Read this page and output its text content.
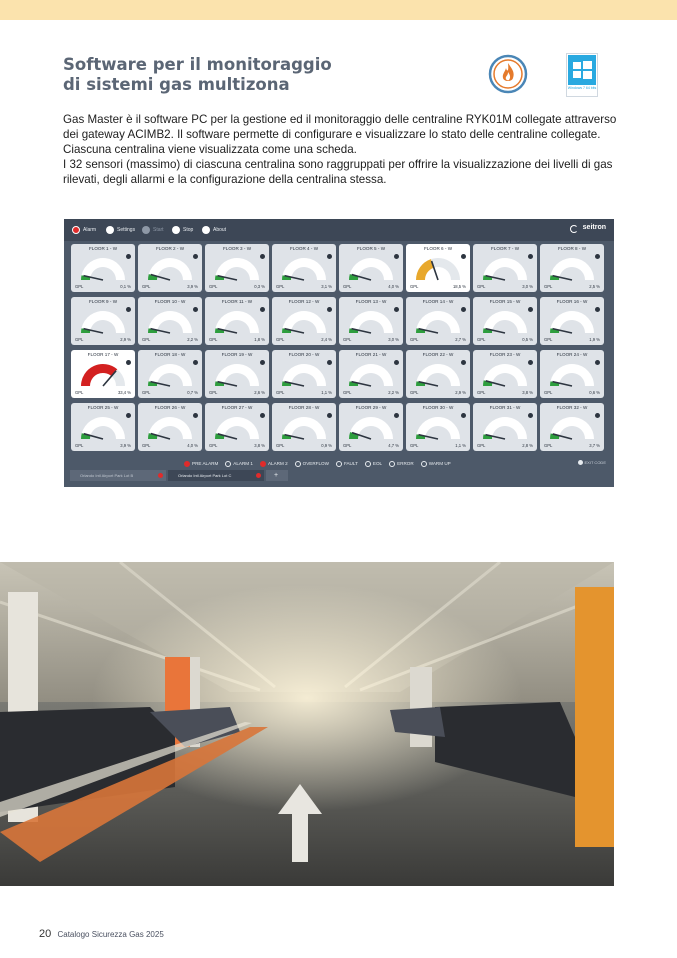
Software per il monitoraggio
di sistemi gas multizona	Windows 7 64 bits

Gas Master è il software PC per la gestione ed il monitoraggio delle centraline RYK01M collegate attraverso dei gateway ACIMB2. Il software permette di configurare e visualizzare lo stato delle centraline collegate.

Ciascuna centralina viene visualizzata come una scheda.

I 32 sensori (massimo) di ciascuna centralina sono raggruppati per offrire la visualizzazione dei livelli di gas rilevati, degli allarmi e la configurazione della centralina stessa.

Alarm	Settings	Start	Stop	About	seitron
FLOOR 1 - W
GPL	0,1 %
FLOOR 2 - W
GPL	3,9 %
FLOOR 3 - W
GPL	0,3 %
FLOOR 4 - W
GPL	3,1 %
FLOOR 5 - W
GPL	4,0 %
FLOOR 6 - W
GPL	18,5 %
FLOOR 7 - W
GPL	3,0 %
FLOOR 8 - W
GPL	2,5 %
FLOOR 9 - W
GPL	2,9 %
FLOOR 10 - W
GPL	2,2 %
FLOOR 11 - W
GPL	1,8 %
FLOOR 12 - W
GPL	2,4 %
FLOOR 13 - W
GPL	3,0 %
FLOOR 14 - W
GPL	2,7 %
FLOOR 15 - W
GPL	0,5 %
FLOOR 16 - W
GPL	1,9 %
FLOOR 17 - W
GPL	33,4 %
FLOOR 18 - W
GPL	0,7 %
FLOOR 19 - W
GPL	2,6 %
FLOOR 20 - W
GPL	1,1 %
FLOOR 21 - W
GPL	2,2 %
FLOOR 22 - W
GPL	2,9 %
FLOOR 23 - W
GPL	3,8 %
FLOOR 24 - W
GPL	0,6 %
FLOOR 25 - W
GPL	3,9 %
FLOOR 26 - W
GPL	4,0 %
FLOOR 27 - W
GPL	3,8 %
FLOOR 28 - W
GPL	0,9 %
FLOOR 29 - W
GPL	4,7 %
FLOOR 30 - W
GPL	1,1 %
FLOOR 31 - W
GPL	2,8 %
FLOOR 32 - W
GPL	3,7 %
PRE ALARM	ALARM 1	ALARM 2	OVERFLOW	FAULT	EOL	ERROR	WARM UP	EXIT CODE
Orlando Intl Airport Park Lot B	Orlando Intl Airport Park Lot C	+
20 Catalogo Sicurezza Gas 2025
